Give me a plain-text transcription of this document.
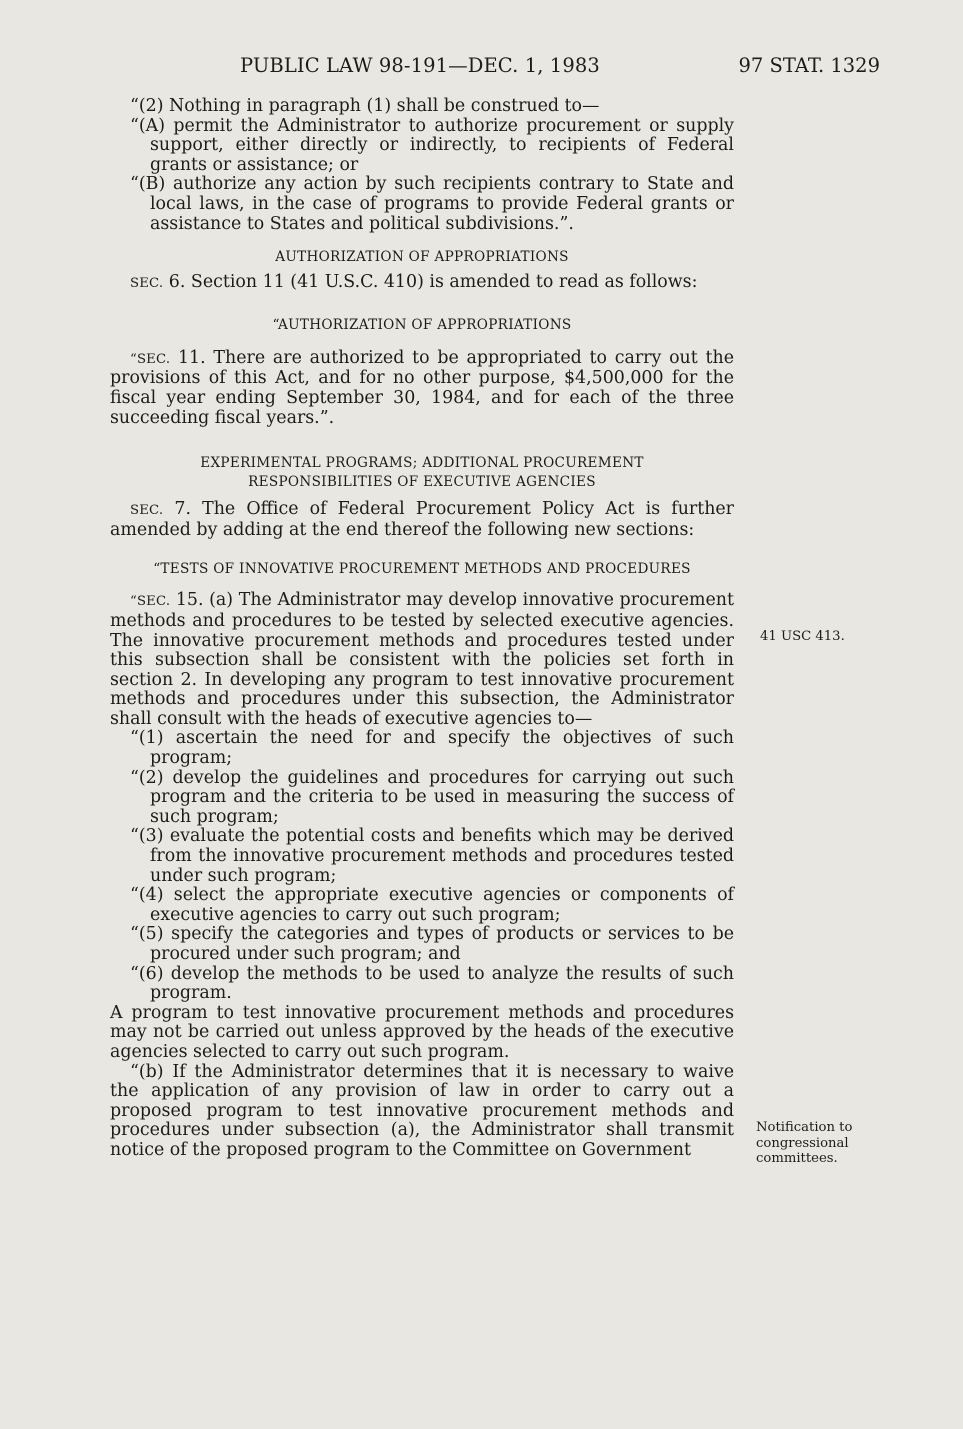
PUBLIC LAW 98-191—DEC. 1, 1983	97 STAT. 1329
41 USC 413.
Notification to
congressional
committees.

“(2) Nothing in paragraph (1) shall be construed to—

“(A) permit the Administrator to authorize procurement or supply support, either directly or indirectly, to recipients of Federal grants or assistance; or

“(B) authorize any action by such recipients contrary to State and local laws, in the case of programs to provide Federal grants or assistance to States and political subdivisions.”.

AUTHORIZATION OF APPROPRIATIONS

SEC. 6. Section 11 (41 U.S.C. 410) is amended to read as follows:

“AUTHORIZATION OF APPROPRIATIONS

“SEC. 11. There are authorized to be appropriated to carry out the provisions of this Act, and for no other purpose, $4,500,000 for the fiscal year ending September 30, 1984, and for each of the three succeeding fiscal years.”.

EXPERIMENTAL PROGRAMS; ADDITIONAL PROCUREMENT

RESPONSIBILITIES OF EXECUTIVE AGENCIES

SEC. 7. The Office of Federal Procurement Policy Act is further amended by adding at the end thereof the following new sections:

“TESTS OF INNOVATIVE PROCUREMENT METHODS AND PROCEDURES

“SEC. 15. (a) The Administrator may develop innovative procurement methods and procedures to be tested by selected executive agencies. The innovative procurement methods and procedures tested under this subsection shall be consistent with the policies set forth in section 2. In developing any program to test innovative procurement methods and procedures under this subsection, the Administrator shall consult with the heads of executive agencies to—

“(1) ascertain the need for and specify the objectives of such program;

“(2) develop the guidelines and procedures for carrying out such program and the criteria to be used in measuring the success of such program;

“(3) evaluate the potential costs and benefits which may be derived from the innovative procurement methods and procedures tested under such program;

“(4) select the appropriate executive agencies or components of executive agencies to carry out such program;

“(5) specify the categories and types of products or services to be procured under such program; and

“(6) develop the methods to be used to analyze the results of such program.

A program to test innovative procurement methods and procedures may not be carried out unless approved by the heads of the executive agencies selected to carry out such program.

“(b) If the Administrator determines that it is necessary to waive the application of any provision of law in order to carry out a proposed program to test innovative procurement methods and procedures under subsection (a), the Administrator shall transmit notice of the proposed program to the Committee on Government
